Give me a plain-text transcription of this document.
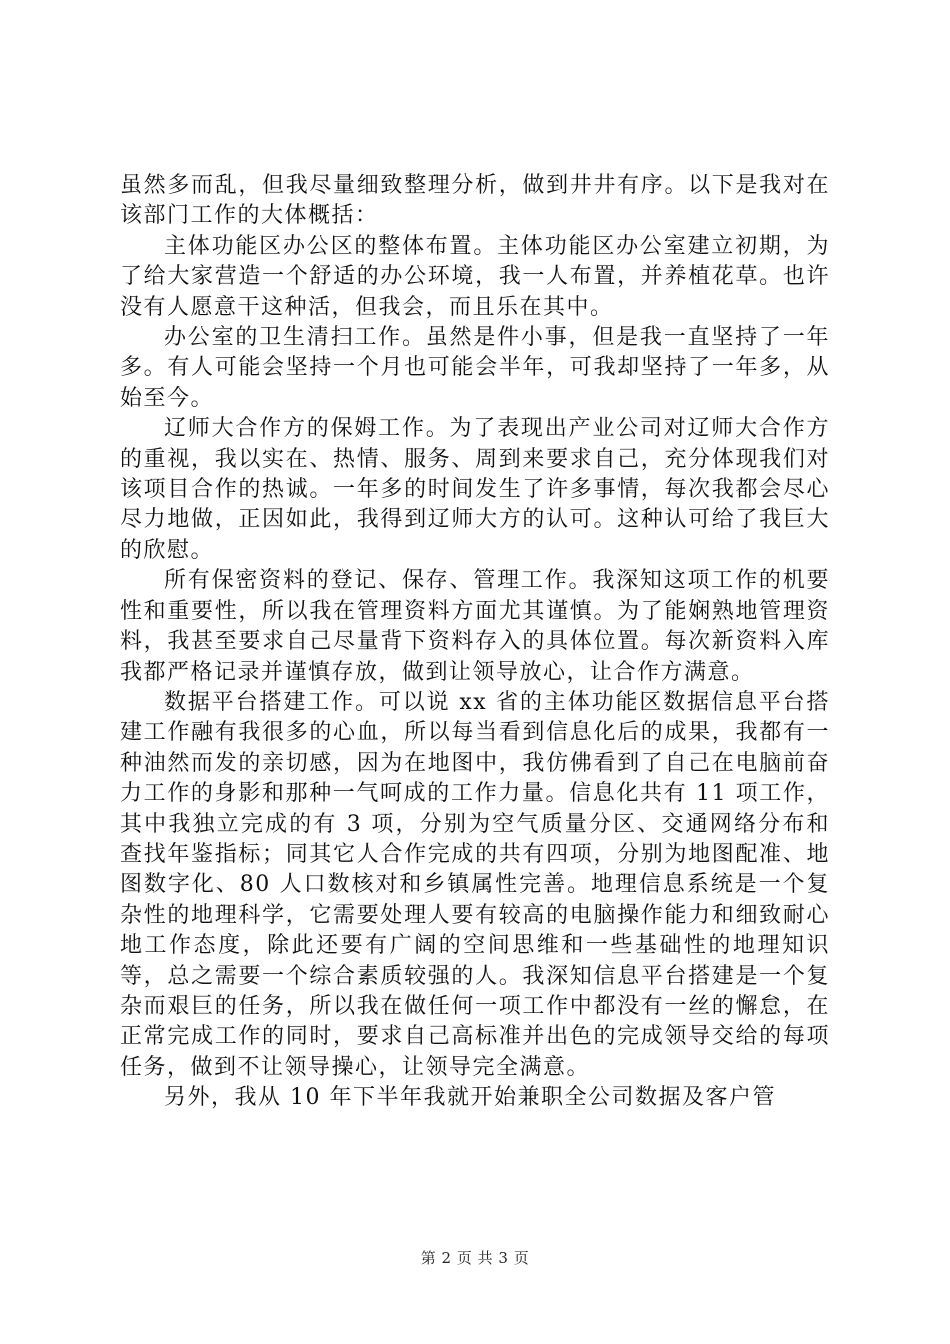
虽然多而乱，但我尽量细致整理分析，做到井井有序。以下是我对在该部门工作的大体概括：

主体功能区办公区的整体布置。主体功能区办公室建立初期，为了给大家营造一个舒适的办公环境，我一人布置，并养植花草。也许没有人愿意干这种活，但我会，而且乐在其中。

办公室的卫生清扫工作。虽然是件小事，但是我一直坚持了一年多。有人可能会坚持一个月也可能会半年，可我却坚持了一年多，从始至今。

辽师大合作方的保姆工作。为了表现出产业公司对辽师大合作方的重视，我以实在、热情、服务、周到来要求自己，充分体现我们对该项目合作的热诚。一年多的时间发生了许多事情，每次我都会尽心尽力地做，正因如此，我得到辽师大方的认可。这种认可给了我巨大的欣慰。

所有保密资料的登记、保存、管理工作。我深知这项工作的机要性和重要性，所以我在管理资料方面尤其谨慎。为了能娴熟地管理资料，我甚至要求自己尽量背下资料存入的具体位置。每次新资料入库我都严格记录并谨慎存放，做到让领导放心，让合作方满意。

数据平台搭建工作。可以说 xx 省的主体功能区数据信息平台搭建工作融有我很多的心血，所以每当看到信息化后的成果，我都有一种油然而发的亲切感，因为在地图中，我仿佛看到了自己在电脑前奋力工作的身影和那种一气呵成的工作力量。信息化共有 11 项工作，其中我独立完成的有 3 项，分别为空气质量分区、交通网络分布和查找年鉴指标；同其它人合作完成的共有四项，分别为地图配准、地图数字化、80 人口数核对和乡镇属性完善。地理信息系统是一个复杂性的地理科学，它需要处理人要有较高的电脑操作能力和细致耐心地工作态度，除此还要有广阔的空间思维和一些基础性的地理知识等，总之需要一个综合素质较强的人。我深知信息平台搭建是一个复杂而艰巨的任务，所以我在做任何一项工作中都没有一丝的懈怠，在正常完成工作的同时，要求自己高标准并出色的完成领导交给的每项任务，做到不让领导操心，让领导完全满意。

另外，我从 10 年下半年我就开始兼职全公司数据及客户管

第 2 页 共 3 页
